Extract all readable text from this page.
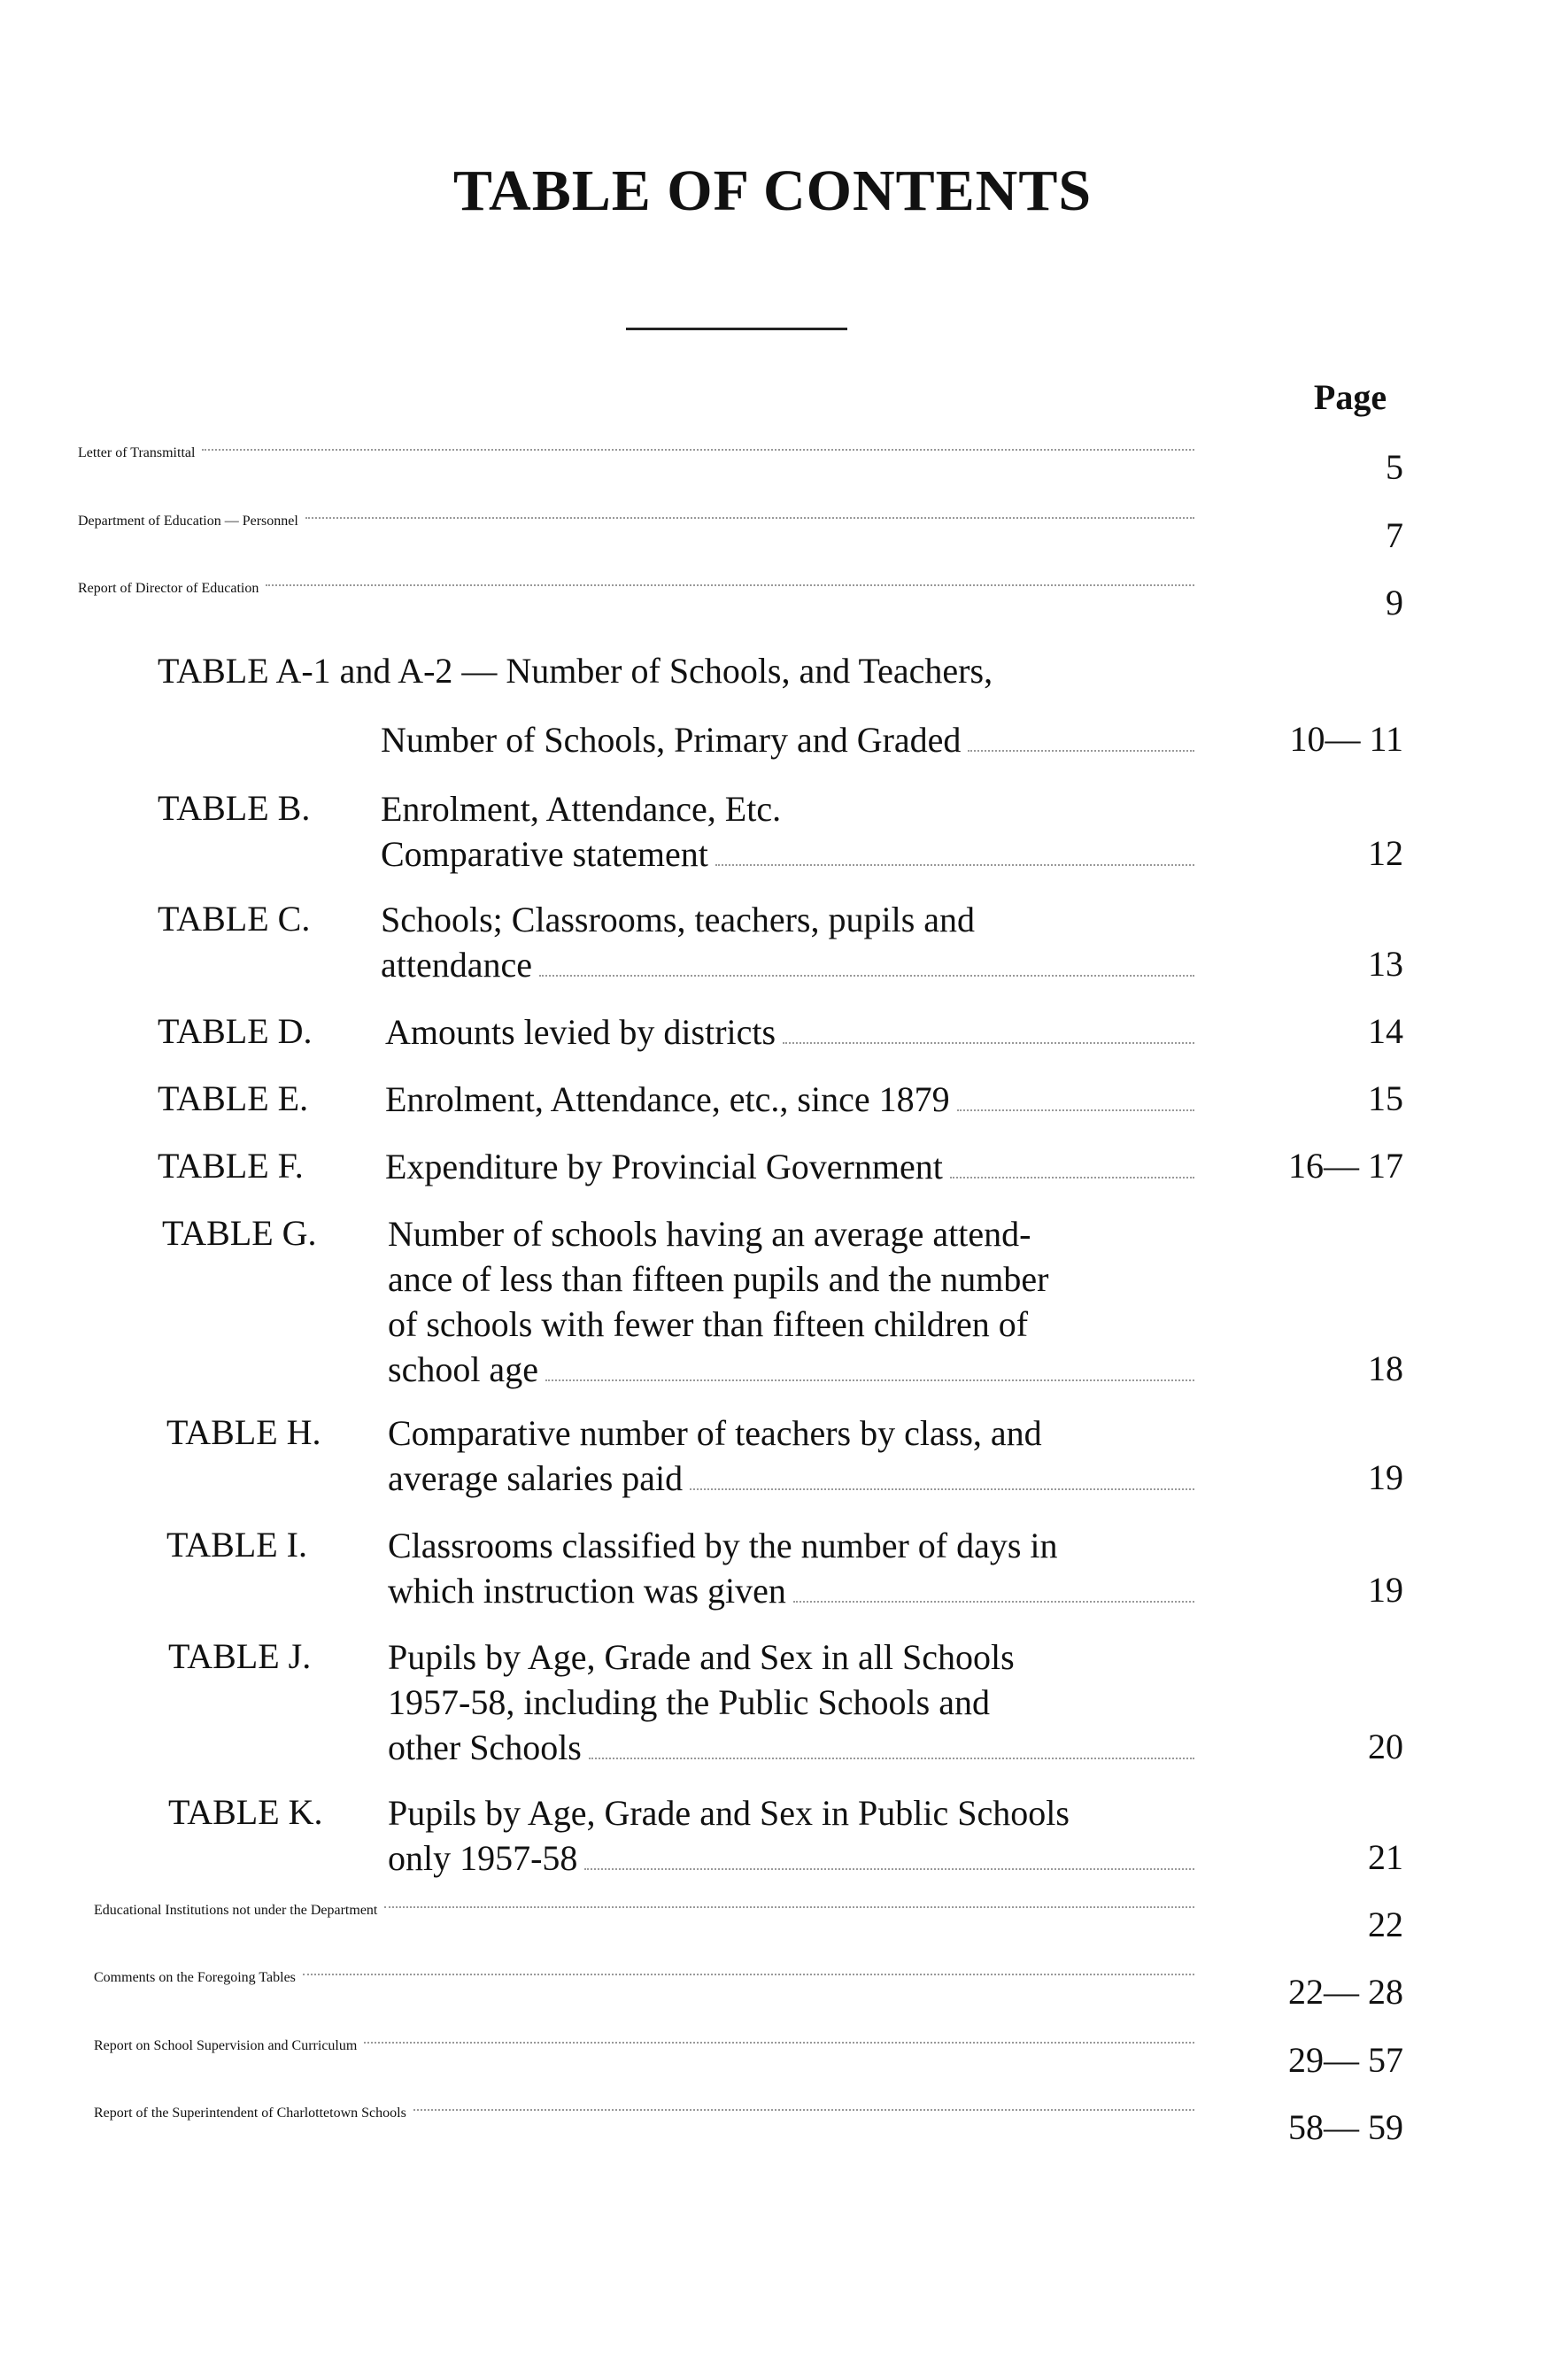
TABLE OF CONTENTS
Page
Letter of Transmittal	5
Department of Education — Personnel	7
Report of Director of Education	9
TABLE A-1 and A-2 — Number of Schools, and Teachers,
Number of Schools, Primary and Graded	10— 11
TABLE B. Enrolment, Attendance, Etc.
Comparative statement	12
TABLE C. Schools; Classrooms, teachers, pupils and
attendance	13
TABLE D. Amounts levied by districts	14
TABLE E. Enrolment, Attendance, etc., since 1879	15
TABLE F. Expenditure by Provincial Government	16— 17
TABLE G. Number of schools having an average attend-
ance of less than fifteen pupils and the number
of schools with fewer than fifteen children of
school age	18
TABLE H. Comparative number of teachers by class, and
average salaries paid	19
TABLE I. Classrooms classified by the number of days in
which instruction was given	19
TABLE J. Pupils by Age, Grade and Sex in all Schools
1957-58, including the Public Schools and
other Schools	20
TABLE K. Pupils by Age, Grade and Sex in Public Schools
only 1957-58	21
Educational Institutions not under the Department	22
Comments on the Foregoing Tables	22— 28
Report on School Supervision and Curriculum	29— 57
Report of the Superintendent of Charlottetown Schools	58— 59
